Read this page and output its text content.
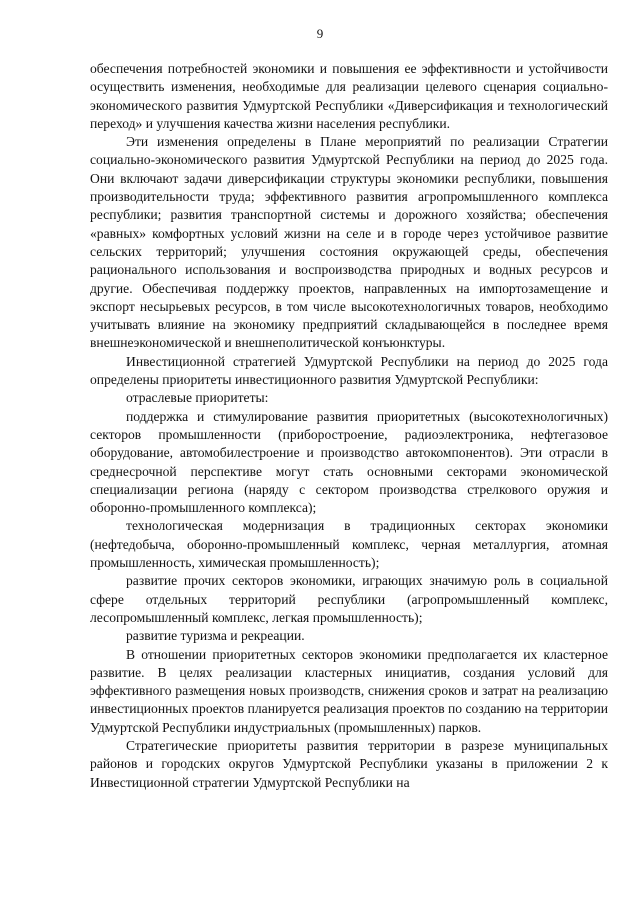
9

обеспечения потребностей экономики и повышения ее эффективности и устойчивости осуществить изменения, необходимые для реализации целевого сценария социально-экономического развития Удмуртской Республики «Диверсификация и технологический переход» и улучшения качества жизни населения республики.

Эти изменения определены в Плане мероприятий по реализации Стратегии социально-экономического развития Удмуртской Республики на период до 2025 года. Они включают задачи диверсификации структуры экономики республики, повышения производительности труда; эффективного развития агропромышленного комплекса республики; развития транспортной системы и дорожного хозяйства; обеспечения «равных» комфортных условий жизни на селе и в городе через устойчивое развитие сельских территорий; улучшения состояния окружающей среды, обеспечения рационального использования и воспроизводства природных и водных ресурсов и другие. Обеспечивая поддержку проектов, направленных на импортозамещение и экспорт несырьевых ресурсов, в том числе высокотехнологичных товаров, необходимо учитывать влияние на экономику предприятий складывающейся в последнее время внешнеэкономической и внешнеполитической конъюнктуры.

Инвестиционной стратегией Удмуртской Республики на период до 2025 года определены приоритеты инвестиционного развития Удмуртской Республики:

отраслевые приоритеты:

поддержка и стимулирование развития приоритетных (высокотехнологичных) секторов промышленности (приборостроение, радиоэлектроника, нефтегазовое оборудование, автомобилестроение и производство автокомпонентов). Эти отрасли в среднесрочной перспективе могут стать основными секторами экономической специализации региона (наряду с сектором производства стрелкового оружия и оборонно-промышленного комплекса);

технологическая модернизация в традиционных секторах экономики (нефтедобыча, оборонно-промышленный комплекс, черная металлургия, атомная промышленность, химическая промышленность);

развитие прочих секторов экономики, играющих значимую роль в социальной сфере отдельных территорий республики (агропромышленный комплекс, лесопромышленный комплекс, легкая промышленность);

развитие туризма и рекреации.

В отношении приоритетных секторов экономики предполагается их кластерное развитие. В целях реализации кластерных инициатив, создания условий для эффективного размещения новых производств, снижения сроков и затрат на реализацию инвестиционных проектов планируется реализация проектов по созданию на территории Удмуртской Республики индустриальных (промышленных) парков.

Стратегические приоритеты развития территории в разрезе муниципальных районов и городских округов Удмуртской Республики указаны в приложении 2 к Инвестиционной стратегии Удмуртской Республики на
